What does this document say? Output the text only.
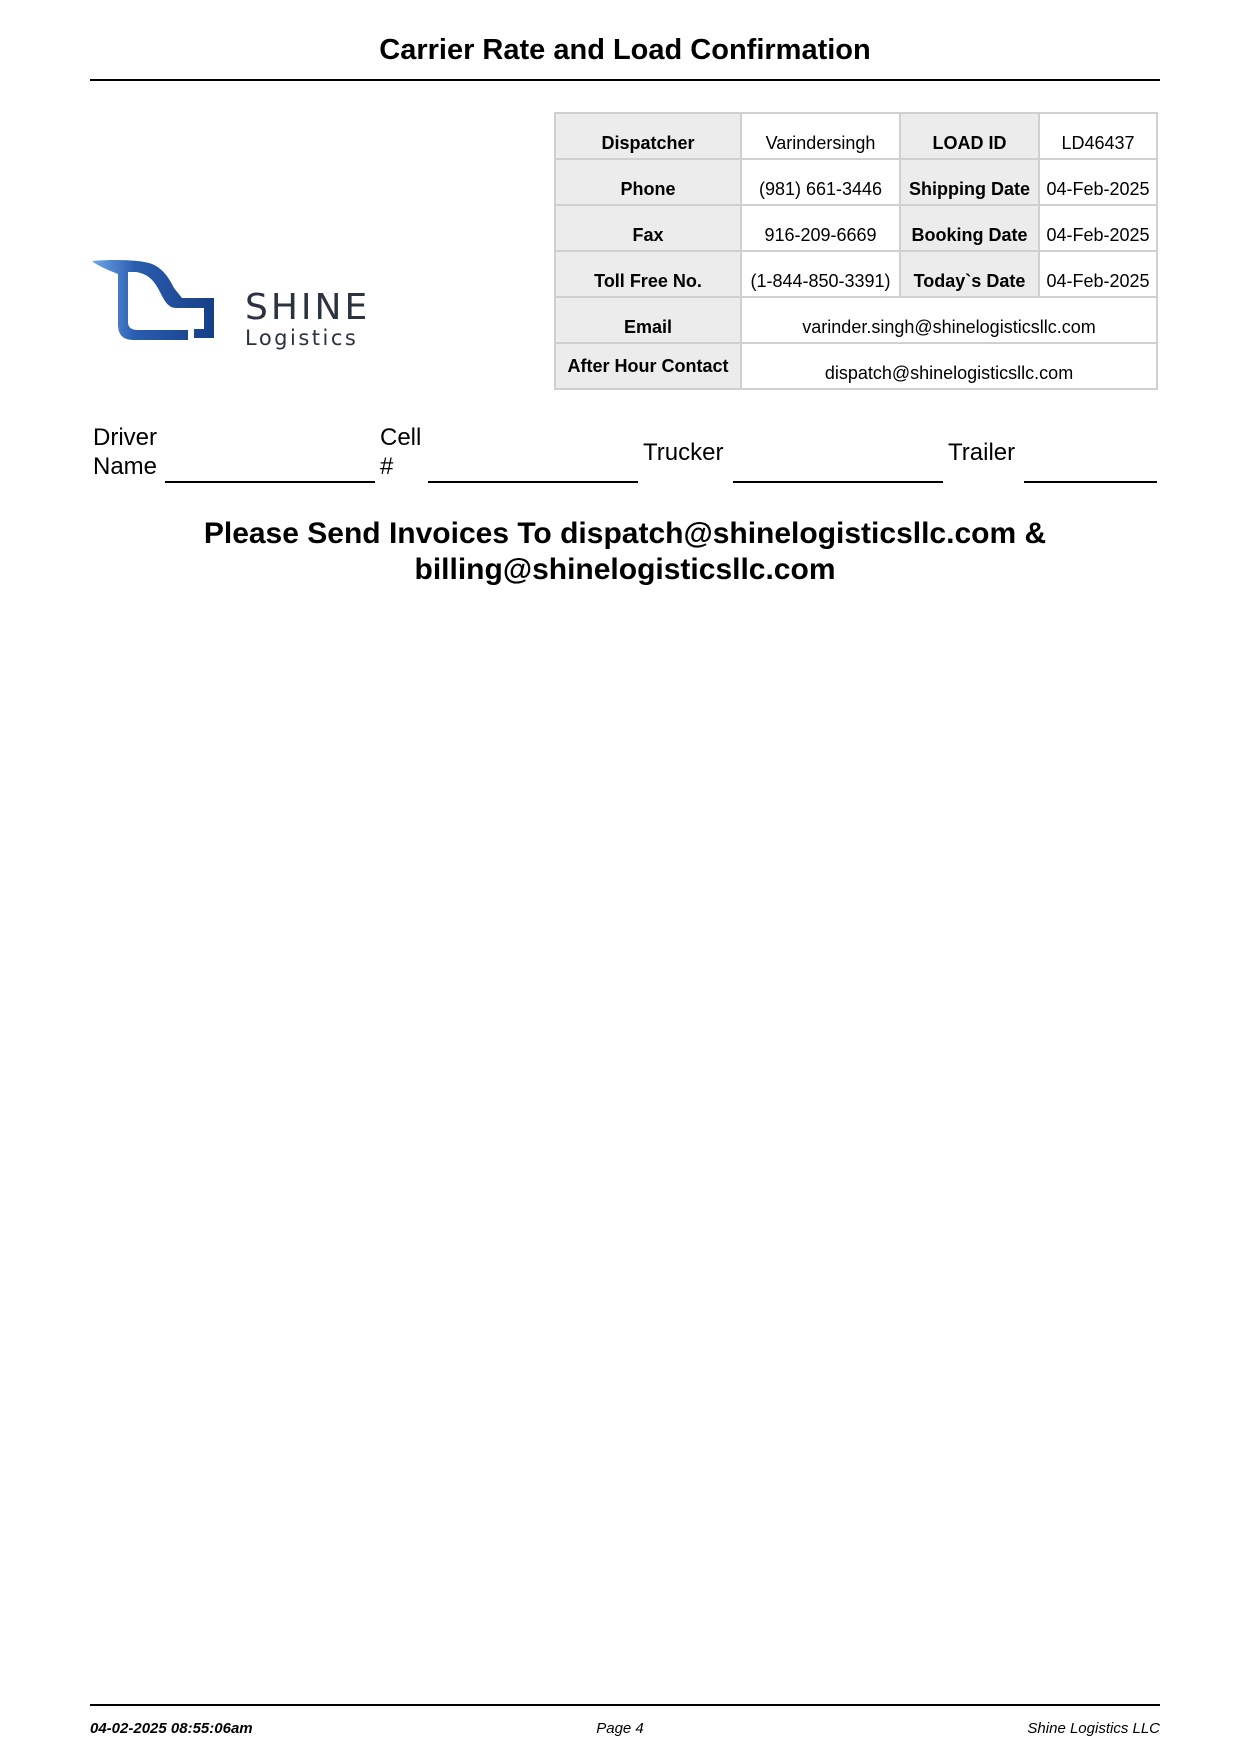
Carrier Rate and Load Confirmation
SHINE
Logistics
Dispatcher	Varindersingh	LOAD ID	LD46437
Phone	(981) 661-3446	Shipping Date	04-Feb-2025
Fax	916-209-6669	Booking Date	04-Feb-2025
Toll Free No.	(1-844-850-3391)	Today`s Date	04-Feb-2025
Email	varinder.singh@shinelogisticsllc.com		
After Hour Contact	dispatch@shinelogisticsllc.com		
Driver
Name
Cell
#
Trucker	Trailer
Please Send Invoices To dispatch@shinelogisticsllc.com &
billing@shinelogisticsllc.com
04-02-2025 08:55:06am	Page 4	Shine Logistics LLC
